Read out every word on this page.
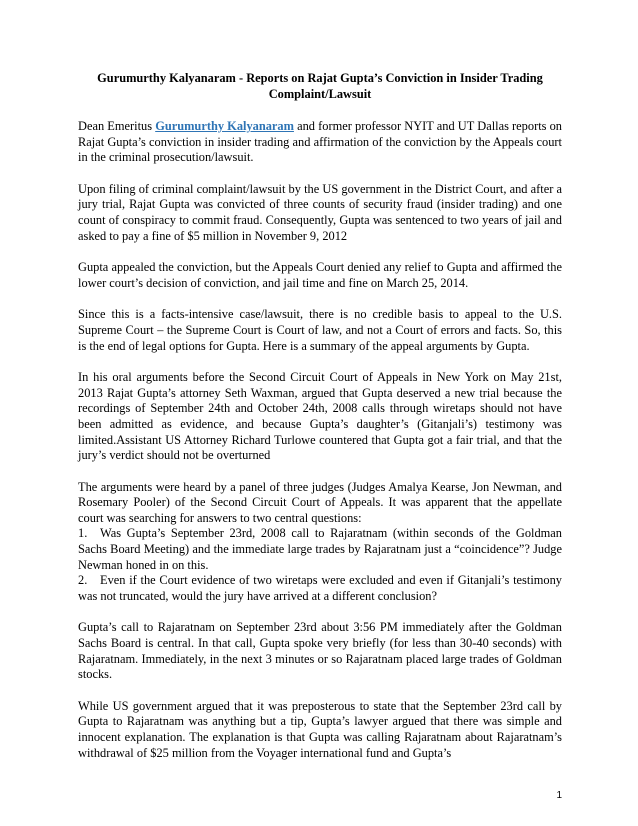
Gurumurthy Kalyanaram - Reports on Rajat Gupta’s Conviction in Insider Trading Complaint/Lawsuit
Dean Emeritus Gurumurthy Kalyanaram and former professor NYIT and UT Dallas reports on Rajat Gupta’s conviction in insider trading and affirmation of the conviction by the Appeals court in the criminal prosecution/lawsuit.
Upon filing of criminal complaint/lawsuit by the US government in the District Court, and after a jury trial, Rajat Gupta was convicted of three counts of security fraud (insider trading) and one count of conspiracy to commit fraud. Consequently, Gupta was sentenced to two years of jail and asked to pay a fine of $5 million in November 9, 2012
Gupta appealed the conviction, but the Appeals Court denied any relief to Gupta and affirmed the lower court’s decision of conviction, and jail time and fine on March 25, 2014.
Since this is a facts-intensive case/lawsuit, there is no credible basis to appeal to the U.S. Supreme Court – the Supreme Court is Court of law, and not a Court of errors and facts. So, this is the end of legal options for Gupta. Here is a summary of the appeal arguments by Gupta.
In his oral arguments before the Second Circuit Court of Appeals in New York on May 21st, 2013 Rajat Gupta’s attorney Seth Waxman, argued that Gupta deserved a new trial because the recordings of September 24th and October 24th, 2008 calls through wiretaps should not have been admitted as evidence, and because Gupta’s daughter’s (Gitanjali’s) testimony was limited.Assistant US Attorney Richard Turlowe countered that Gupta got a fair trial, and that the jury’s verdict should not be overturned
The arguments were heard by a panel of three judges (Judges Amalya Kearse, Jon Newman, and Rosemary Pooler) of the Second Circuit Court of Appeals. It was apparent that the appellate court was searching for answers to two central questions:
1. Was Gupta’s September 23rd, 2008 call to Rajaratnam (within seconds of the Goldman Sachs Board Meeting) and the immediate large trades by Rajaratnam just a “coincidence”? Judge Newman honed in on this.
2. Even if the Court evidence of two wiretaps were excluded and even if Gitanjali’s testimony was not truncated, would the jury have arrived at a different conclusion?
Gupta’s call to Rajaratnam on September 23rd about 3:56 PM immediately after the Goldman Sachs Board is central. In that call, Gupta spoke very briefly (for less than 30-40 seconds) with Rajaratnam. Immediately, in the next 3 minutes or so Rajaratnam placed large trades of Goldman stocks.
While US government argued that it was preposterous to state that the September 23rd call by Gupta to Rajaratnam was anything but a tip, Gupta’s lawyer argued that there was simple and innocent explanation. The explanation is that Gupta was calling Rajaratnam about Rajaratnam’s withdrawal of $25 million from the Voyager international fund and Gupta’s
1
